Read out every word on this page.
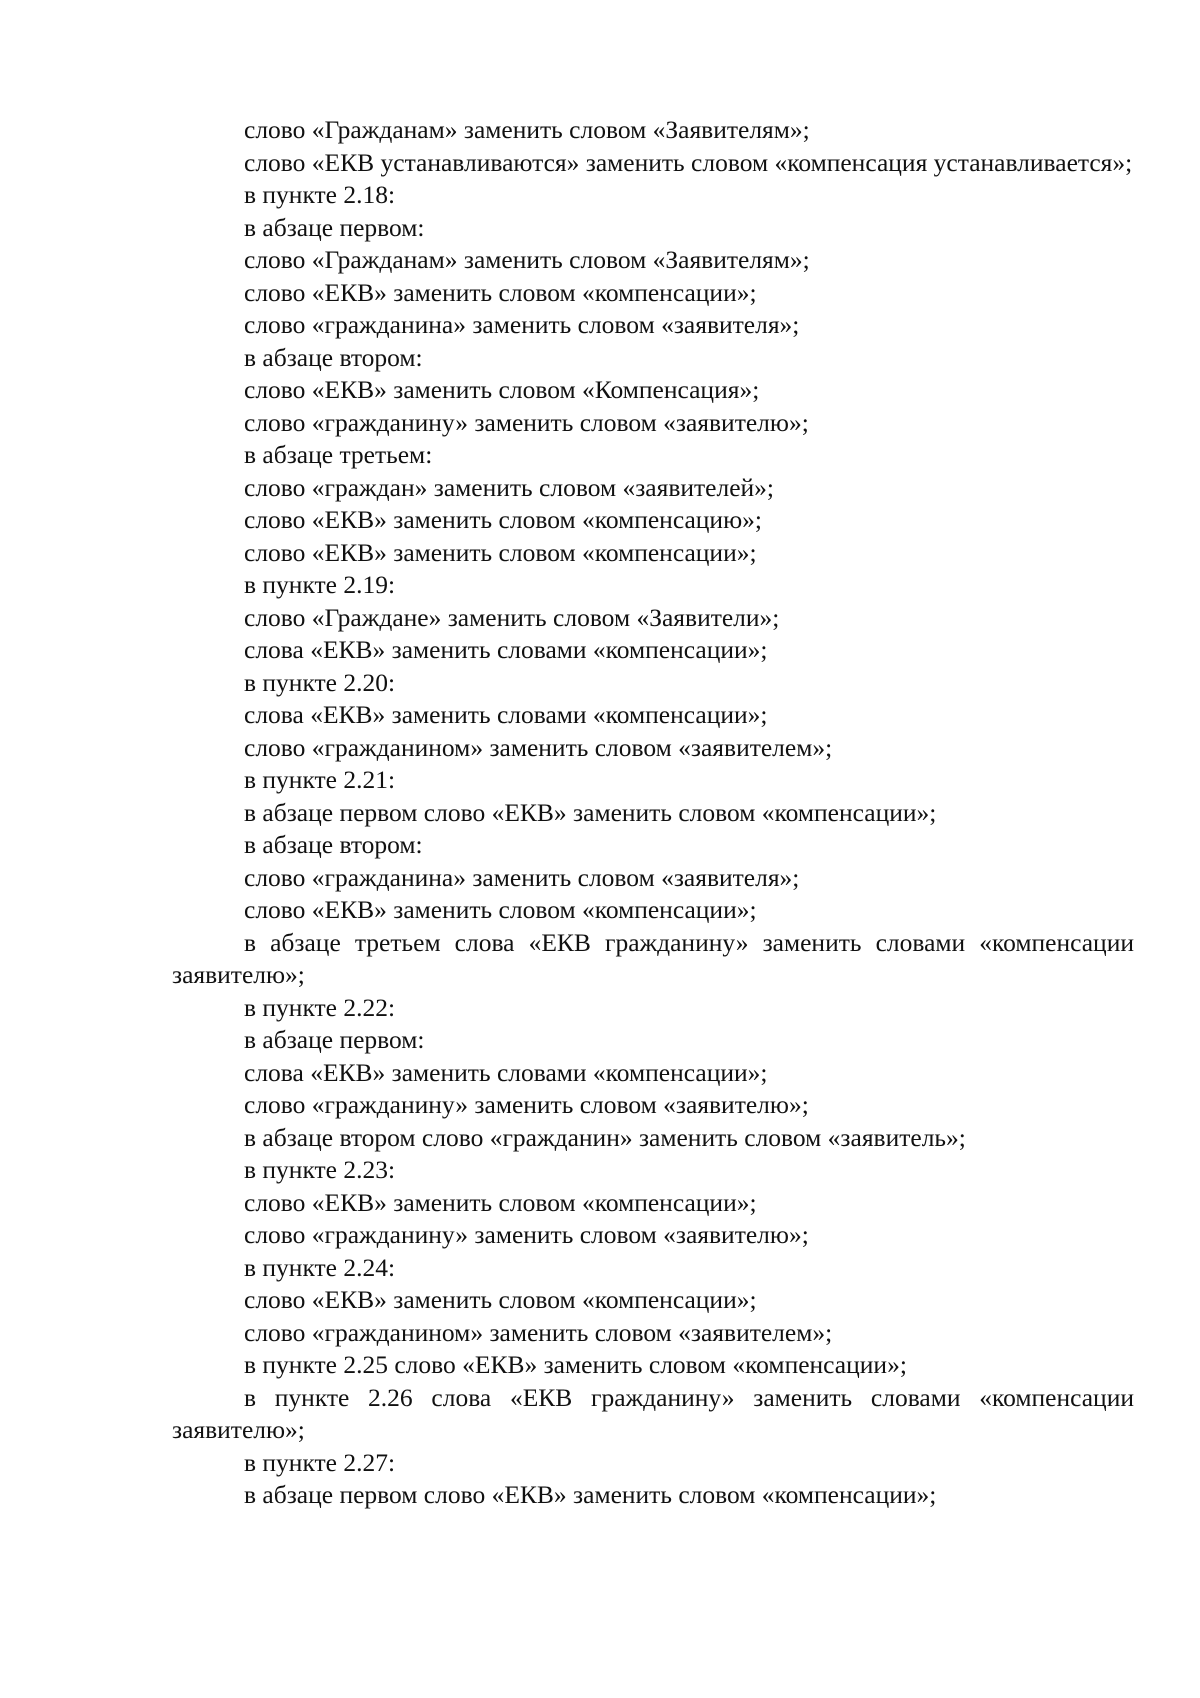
слово «Гражданам» заменить словом «Заявителям»;

слово «ЕКВ устанавливаются» заменить словом «компенсация устанавливается»;

в пункте 2.18:

в абзаце первом:

слово «Гражданам» заменить словом «Заявителям»;

слово «ЕКВ» заменить словом «компенсации»;

слово «гражданина» заменить словом «заявителя»;

в абзаце втором:

слово «ЕКВ» заменить словом «Компенсация»;

слово «гражданину» заменить словом «заявителю»;

в абзаце третьем:

слово «граждан» заменить словом «заявителей»;

слово «ЕКВ» заменить словом «компенсацию»;

слово «ЕКВ» заменить словом «компенсации»;

в пункте 2.19:

слово «Граждане» заменить словом «Заявители»;

слова «ЕКВ» заменить словами «компенсации»;

в пункте 2.20:

слова «ЕКВ» заменить словами «компенсации»;

слово «гражданином» заменить словом «заявителем»;

в пункте 2.21:

в абзаце первом слово «ЕКВ» заменить словом «компенсации»;

в абзаце втором:

слово «гражданина» заменить словом «заявителя»;

слово «ЕКВ» заменить словом «компенсации»;

в абзаце третьем слова «ЕКВ гражданину» заменить словами «компенсации заявителю»;

в пункте 2.22:

в абзаце первом:

слова «ЕКВ» заменить словами «компенсации»;

слово «гражданину» заменить словом «заявителю»;

в абзаце втором слово «гражданин» заменить словом «заявитель»;

в пункте 2.23:

слово «ЕКВ» заменить словом «компенсации»;

слово «гражданину» заменить словом «заявителю»;

в пункте 2.24:

слово «ЕКВ» заменить словом «компенсации»;

слово «гражданином» заменить словом «заявителем»;

в пункте 2.25 слово «ЕКВ» заменить словом «компенсации»;

в пункте 2.26 слова «ЕКВ гражданину» заменить словами «компенсации заявителю»;

в пункте 2.27:

в абзаце первом слово «ЕКВ» заменить словом «компенсации»;
